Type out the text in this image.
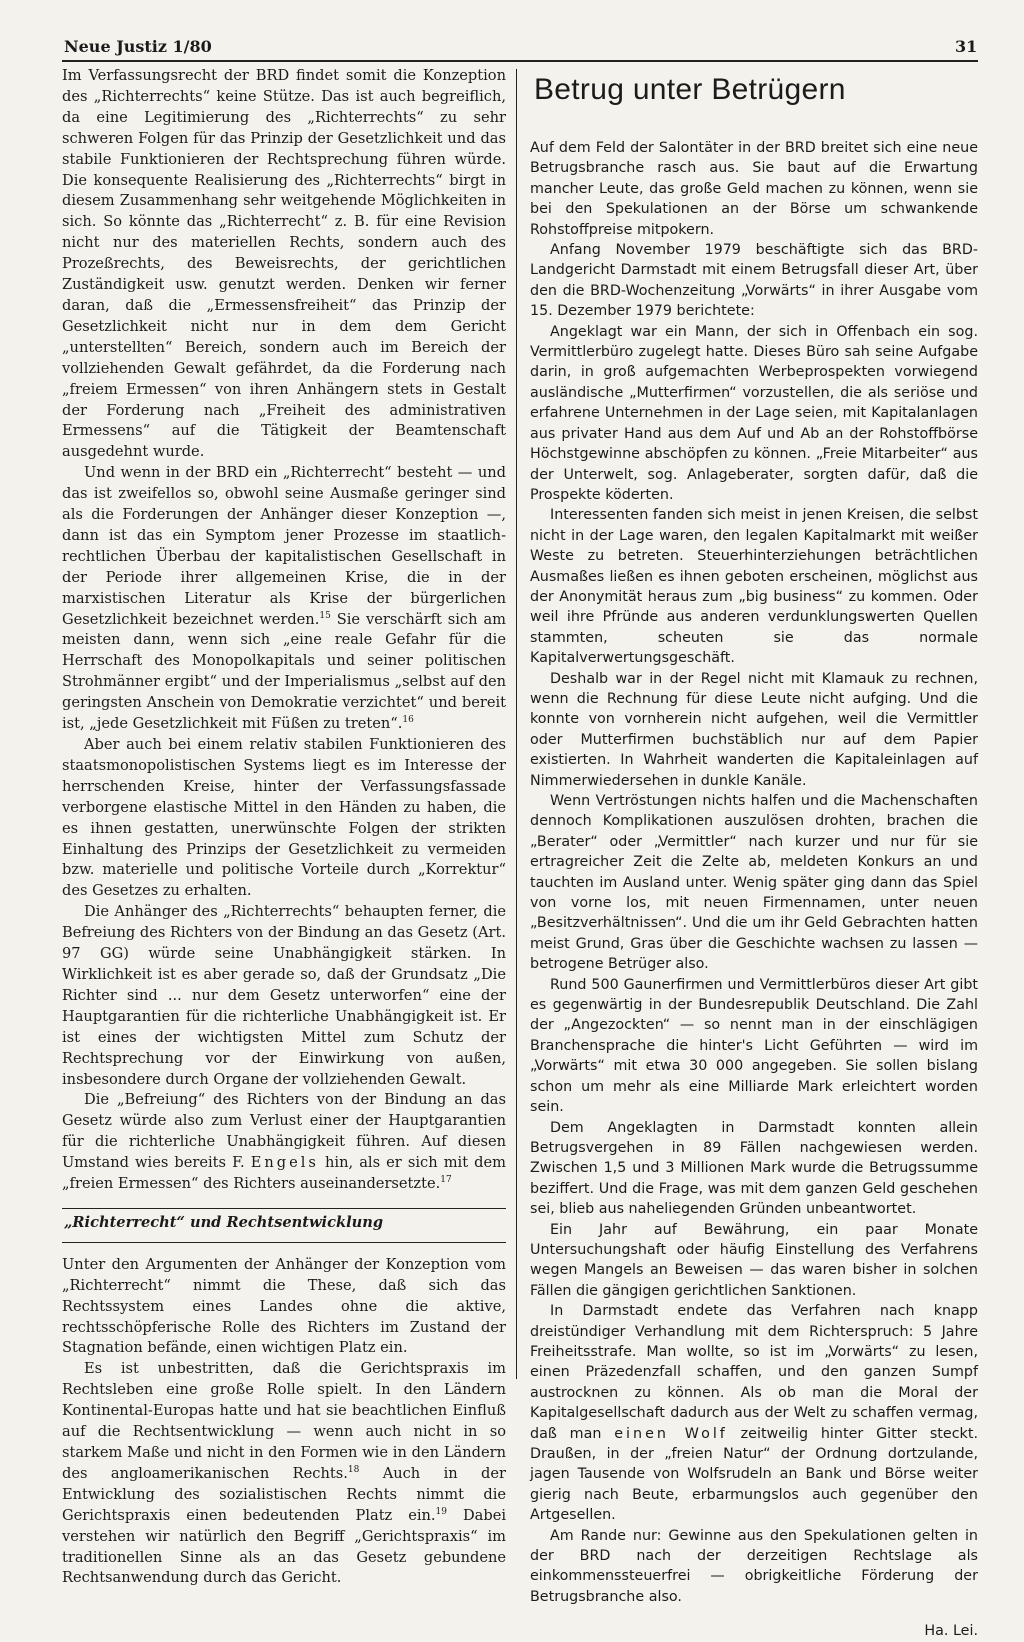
Neue Justiz 1/80	31

Im Verfassungsrecht der BRD findet somit die Konzeption des „Richterrechts“ keine Stütze. Das ist auch begreiflich, da eine Legitimierung des „Richterrechts“ zu sehr schweren Folgen für das Prinzip der Gesetzlichkeit und das stabile Funktionieren der Rechtsprechung führen würde. Die konsequente Realisierung des „Richterrechts“ birgt in diesem Zusammenhang sehr weitgehende Möglichkeiten in sich. So könnte das „Richterrecht“ z. B. für eine Revision nicht nur des materiellen Rechts, sondern auch des Prozeßrechts, des Beweisrechts, der gerichtlichen Zuständigkeit usw. genutzt werden. Denken wir ferner daran, daß die „Ermessensfreiheit“ das Prinzip der Gesetzlichkeit nicht nur in dem dem Gericht „unterstellten“ Bereich, sondern auch im Bereich der vollziehenden Gewalt gefährdet, da die Forderung nach „freiem Ermessen“ von ihren Anhängern stets in Gestalt der Forderung nach „Freiheit des administrativen Ermessens“ auf die Tätigkeit der Beamtenschaft ausgedehnt wurde.

Und wenn in der BRD ein „Richterrecht“ besteht — und das ist zweifellos so, obwohl seine Ausmaße geringer sind als die Forderungen der Anhänger dieser Konzeption —, dann ist das ein Symptom jener Prozesse im staatlich-rechtlichen Überbau der kapitalistischen Gesellschaft in der Periode ihrer allgemeinen Krise, die in der marxistischen Literatur als Krise der bürgerlichen Gesetzlichkeit bezeichnet werden.$^{15}$ Sie verschärft sich am meisten dann, wenn sich „eine reale Gefahr für die Herrschaft des Monopolkapitals und seiner politischen Strohmänner ergibt“ und der Imperialismus „selbst auf den geringsten Anschein von Demokratie verzichtet“ und bereit ist, „jede Gesetzlichkeit mit Füßen zu treten“.$^{16}$

Aber auch bei einem relativ stabilen Funktionieren des staatsmonopolistischen Systems liegt es im Interesse der herrschenden Kreise, hinter der Verfassungsfassade verborgene elastische Mittel in den Händen zu haben, die es ihnen gestatten, unerwünschte Folgen der strikten Einhaltung des Prinzips der Gesetzlichkeit zu vermeiden bzw. materielle und politische Vorteile durch „Korrektur“ des Gesetzes zu erhalten.

Die Anhänger des „Richterrechts“ behaupten ferner, die Befreiung des Richters von der Bindung an das Gesetz (Art. 97 GG) würde seine Unabhängigkeit stärken. In Wirklichkeit ist es aber gerade so, daß der Grundsatz „Die Richter sind ... nur dem Gesetz unterworfen“ eine der Hauptgarantien für die richterliche Unabhängigkeit ist. Er ist eines der wichtigsten Mittel zum Schutz der Rechtsprechung vor der Einwirkung von außen, insbesondere durch Organe der vollziehenden Gewalt.

Die „Befreiung“ des Richters von der Bindung an das Gesetz würde also zum Verlust einer der Hauptgarantien für die richterliche Unabhängigkeit führen. Auf diesen Umstand wies bereits F. Engels hin, als er sich mit dem „freien Ermessen“ des Richters auseinandersetzte.$^{17}$

„Richterrecht“ und Rechtsentwicklung

Unter den Argumenten der Anhänger der Konzeption vom „Richterrecht“ nimmt die These, daß sich das Rechtssystem eines Landes ohne die aktive, rechtsschöpferische Rolle des Richters im Zustand der Stagnation befände, einen wichtigen Platz ein.

Es ist unbestritten, daß die Gerichtspraxis im Rechtsleben eine große Rolle spielt. In den Ländern Kontinental-Europas hatte und hat sie beachtlichen Einfluß auf die Rechtsentwicklung — wenn auch nicht in so starkem Maße und nicht in den Formen wie in den Ländern des angloamerikanischen Rechts.$^{18}$ Auch in der Entwicklung des sozialistischen Rechts nimmt die Gerichtspraxis einen bedeutenden Platz ein.$^{19}$ Dabei verstehen wir natürlich den Begriff „Gerichtspraxis“ im traditionellen Sinne als an das Gesetz gebundene Rechtsanwendung durch das Gericht.

Betrug unter Betrügern

Auf dem Feld der Salontäter in der BRD breitet sich eine neue Betrugsbranche rasch aus. Sie baut auf die Erwartung mancher Leute, das große Geld machen zu können, wenn sie bei den Spekulationen an der Börse um schwankende Rohstoffpreise mitpokern.

Anfang November 1979 beschäftigte sich das BRD-Landgericht Darmstadt mit einem Betrugsfall dieser Art, über den die BRD-Wochenzeitung „Vorwärts“ in ihrer Ausgabe vom 15. Dezember 1979 berichtete:

Angeklagt war ein Mann, der sich in Offenbach ein sog. Vermittlerbüro zugelegt hatte. Dieses Büro sah seine Aufgabe darin, in groß aufgemachten Werbeprospekten vorwiegend ausländische „Mutterfirmen“ vorzustellen, die als seriöse und erfahrene Unternehmen in der Lage seien, mit Kapitalanlagen aus privater Hand aus dem Auf und Ab an der Rohstoffbörse Höchstgewinne abschöpfen zu können. „Freie Mitarbeiter“ aus der Unterwelt, sog. Anlageberater, sorgten dafür, daß die Prospekte köderten.

Interessenten fanden sich meist in jenen Kreisen, die selbst nicht in der Lage waren, den legalen Kapitalmarkt mit weißer Weste zu betreten. Steuerhinterziehungen beträchtlichen Ausmaßes ließen es ihnen geboten erscheinen, möglichst aus der Anonymität heraus zum „big business“ zu kommen. Oder weil ihre Pfründe aus anderen verdunklungswerten Quellen stammten, scheuten sie das normale Kapitalverwertungsgeschäft.

Deshalb war in der Regel nicht mit Klamauk zu rechnen, wenn die Rechnung für diese Leute nicht aufging. Und die konnte von vornherein nicht aufgehen, weil die Vermittler oder Mutterfirmen buchstäblich nur auf dem Papier existierten. In Wahrheit wanderten die Kapitaleinlagen auf Nimmerwiedersehen in dunkle Kanäle.

Wenn Vertröstungen nichts halfen und die Machenschaften dennoch Komplikationen auszulösen drohten, brachen die „Berater“ oder „Vermittler“ nach kurzer und nur für sie ertragreicher Zeit die Zelte ab, meldeten Konkurs an und tauchten im Ausland unter. Wenig später ging dann das Spiel von vorne los, mit neuen Firmennamen, unter neuen „Besitzverhältnissen“. Und die um ihr Geld Gebrachten hatten meist Grund, Gras über die Geschichte wachsen zu lassen — betrogene Betrüger also.

Rund 500 Gaunerfirmen und Vermittlerbüros dieser Art gibt es gegenwärtig in der Bundesrepublik Deutschland. Die Zahl der „Angezockten“ — so nennt man in der einschlägigen Branchensprache die hinter's Licht Geführten — wird im „Vorwärts“ mit etwa 30 000 angegeben. Sie sollen bislang schon um mehr als eine Milliarde Mark erleichtert worden sein.

Dem Angeklagten in Darmstadt konnten allein Betrugsvergehen in 89 Fällen nachgewiesen werden. Zwischen 1,5 und 3 Millionen Mark wurde die Betrugssumme beziffert. Und die Frage, was mit dem ganzen Geld geschehen sei, blieb aus naheliegenden Gründen unbeantwortet.

Ein Jahr auf Bewährung, ein paar Monate Untersuchungshaft oder häufig Einstellung des Verfahrens wegen Mangels an Beweisen — das waren bisher in solchen Fällen die gängigen gerichtlichen Sanktionen.

In Darmstadt endete das Verfahren nach knapp dreistündiger Verhandlung mit dem Richterspruch: 5 Jahre Freiheitsstrafe. Man wollte, so ist im „Vorwärts“ zu lesen, einen Präzedenzfall schaffen, und den ganzen Sumpf austrocknen zu können. Als ob man die Moral der Kapitalgesellschaft dadurch aus der Welt zu schaffen vermag, daß man einen Wolf zeitweilig hinter Gitter steckt. Draußen, in der „freien Natur“ der Ordnung dortzulande, jagen Tausende von Wolfsrudeln an Bank und Börse weiter gierig nach Beute, erbarmungslos auch gegenüber den Artgesellen.

Am Rande nur: Gewinne aus den Spekulationen gelten in der BRD nach der derzeitigen Rechtslage als einkommenssteuerfrei — obrigkeitliche Förderung der Betrugsbranche also.

Ha. Lei.
